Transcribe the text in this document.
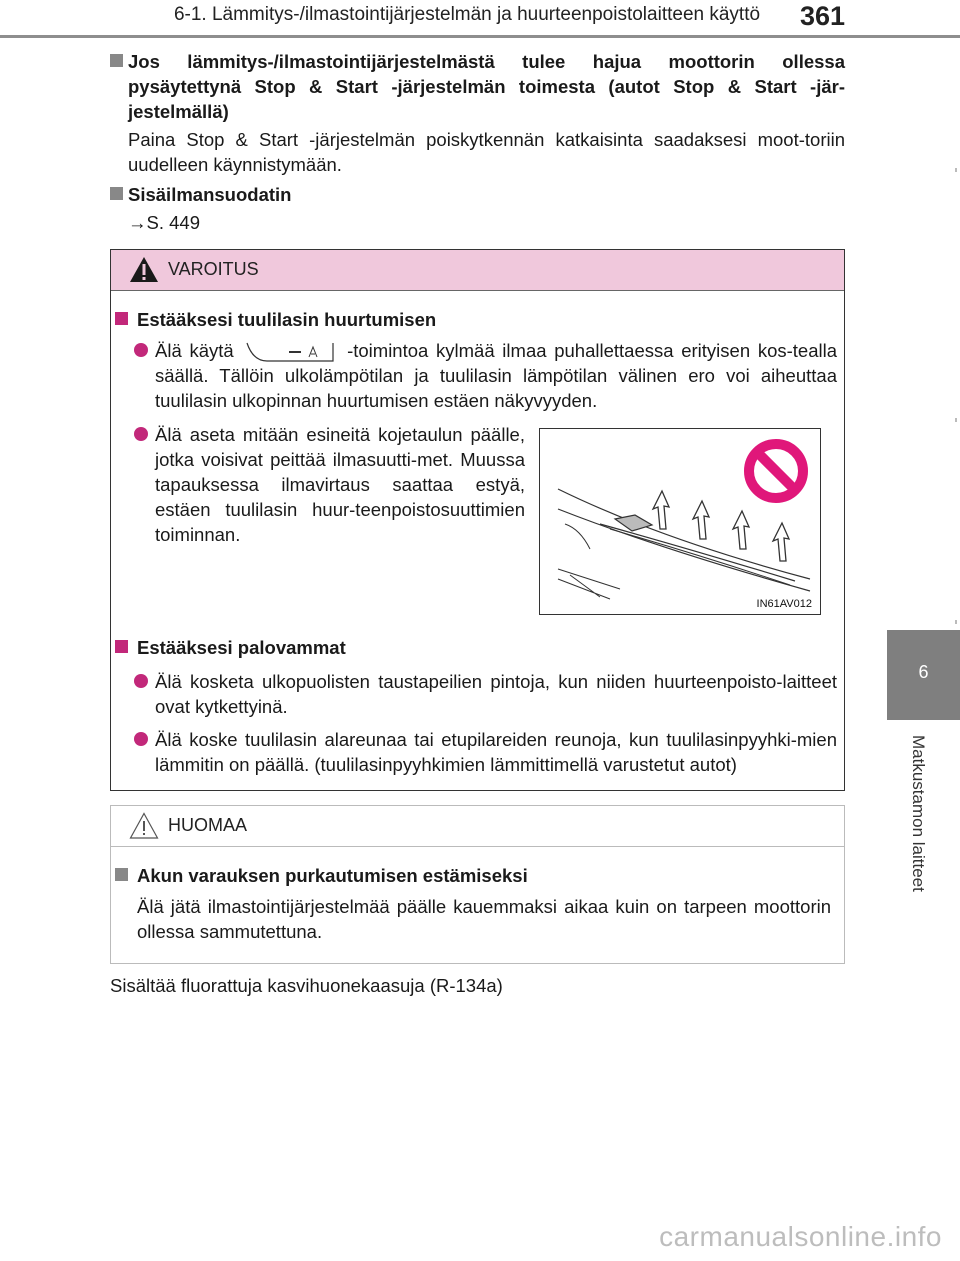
6-1. Lämmitys-/ilmastointijärjestelmän ja huurteenpoistolaitteen käyttö	361
6
Matkustamon laitteet
Jos lämmitys-/ilmastointijärjestelmästä tulee hajua moottorin ollessa pysäytettynä Stop & Start -järjestelmän toimesta (autot Stop & Start -jär-jestelmällä)
Paina Stop & Start -järjestelmän poiskytkennän katkaisinta saadaksesi moot-toriin uudelleen käynnistymään.
Sisäilmansuodatin
→S. 449
VAROITUS
Estääksesi tuulilasin huurtumisen
Älä käytä	-toimintoa kylmää ilmaa puhallettaessa erityisen kos-tealla säällä. Tällöin ulkolämpötilan ja tuulilasin lämpötilan välinen ero voi aiheuttaa tuulilasin ulkopinnan huurtumisen estäen näkyvyyden.
Älä aseta mitään esineitä kojetaulun päälle, jotka voisivat peittää ilmasuutti-met. Muussa tapauksessa ilmavirtaus saattaa estyä, estäen tuulilasin huur-teenpoistosuuttimien toiminnan.
IN61AV012
Estääksesi palovammat
Älä kosketa ulkopuolisten taustapeilien pintoja, kun niiden huurteenpoisto-laitteet ovat kytkettyinä.
Älä koske tuulilasin alareunaa tai etupilareiden reunoja, kun tuulilasinpyyhki-mien lämmitin on päällä. (tuulilasinpyyhkimien lämmittimellä varustetut autot)
HUOMAA
Akun varauksen purkautumisen estämiseksi
Älä jätä ilmastointijärjestelmää päälle kauemmaksi aikaa kuin on tarpeen moottorin ollessa sammutettuna.
Sisältää fluorattuja kasvihuonekaasuja (R-134a)
carmanualsonline.info
